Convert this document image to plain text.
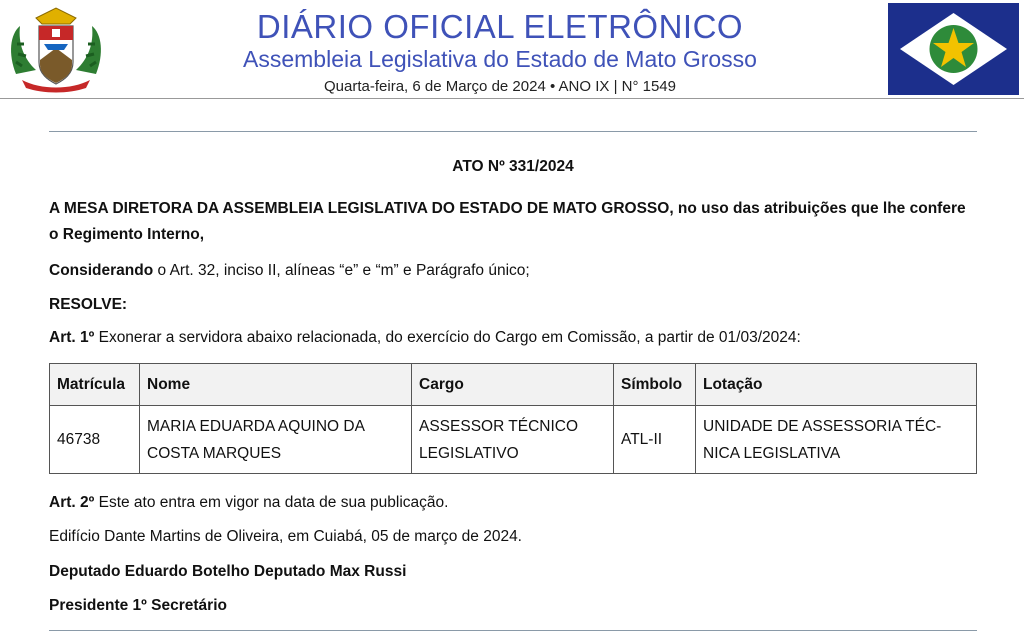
DIÁRIO OFICIAL ELETRÔNICO
Assembleia Legislativa do Estado de Mato Grosso
Quarta-feira, 6 de Março de 2024 • ANO IX | N° 1549
ATO Nº 331/2024
A MESA DIRETORA DA ASSEMBLEIA LEGISLATIVA DO ESTADO DE MATO GROSSO, no uso das atribuições que lhe confere o Regimento Interno,
Considerando o Art. 32, inciso II, alíneas “e” e “m” e Parágrafo único;
RESOLVE:
Art. 1º Exonerar a servidora abaixo relacionada, do exercício do Cargo em Comissão, a partir de 01/03/2024:
Matrícula	Nome	Cargo	Símbolo	Lotação
46738	MARIA EDUARDA AQUINO DA COSTA MARQUES	ASSESSOR TÉCNICO LEGISLATIVO	ATL-II	UNIDADE DE ASSESSORIA TÉC-NICA LEGISLATIVA
Art. 2º Este ato entra em vigor na data de sua publicação.
Edifício Dante Martins de Oliveira, em Cuiabá, 05 de março de 2024.
Deputado Eduardo Botelho Deputado Max Russi
Presidente 1º Secretário
